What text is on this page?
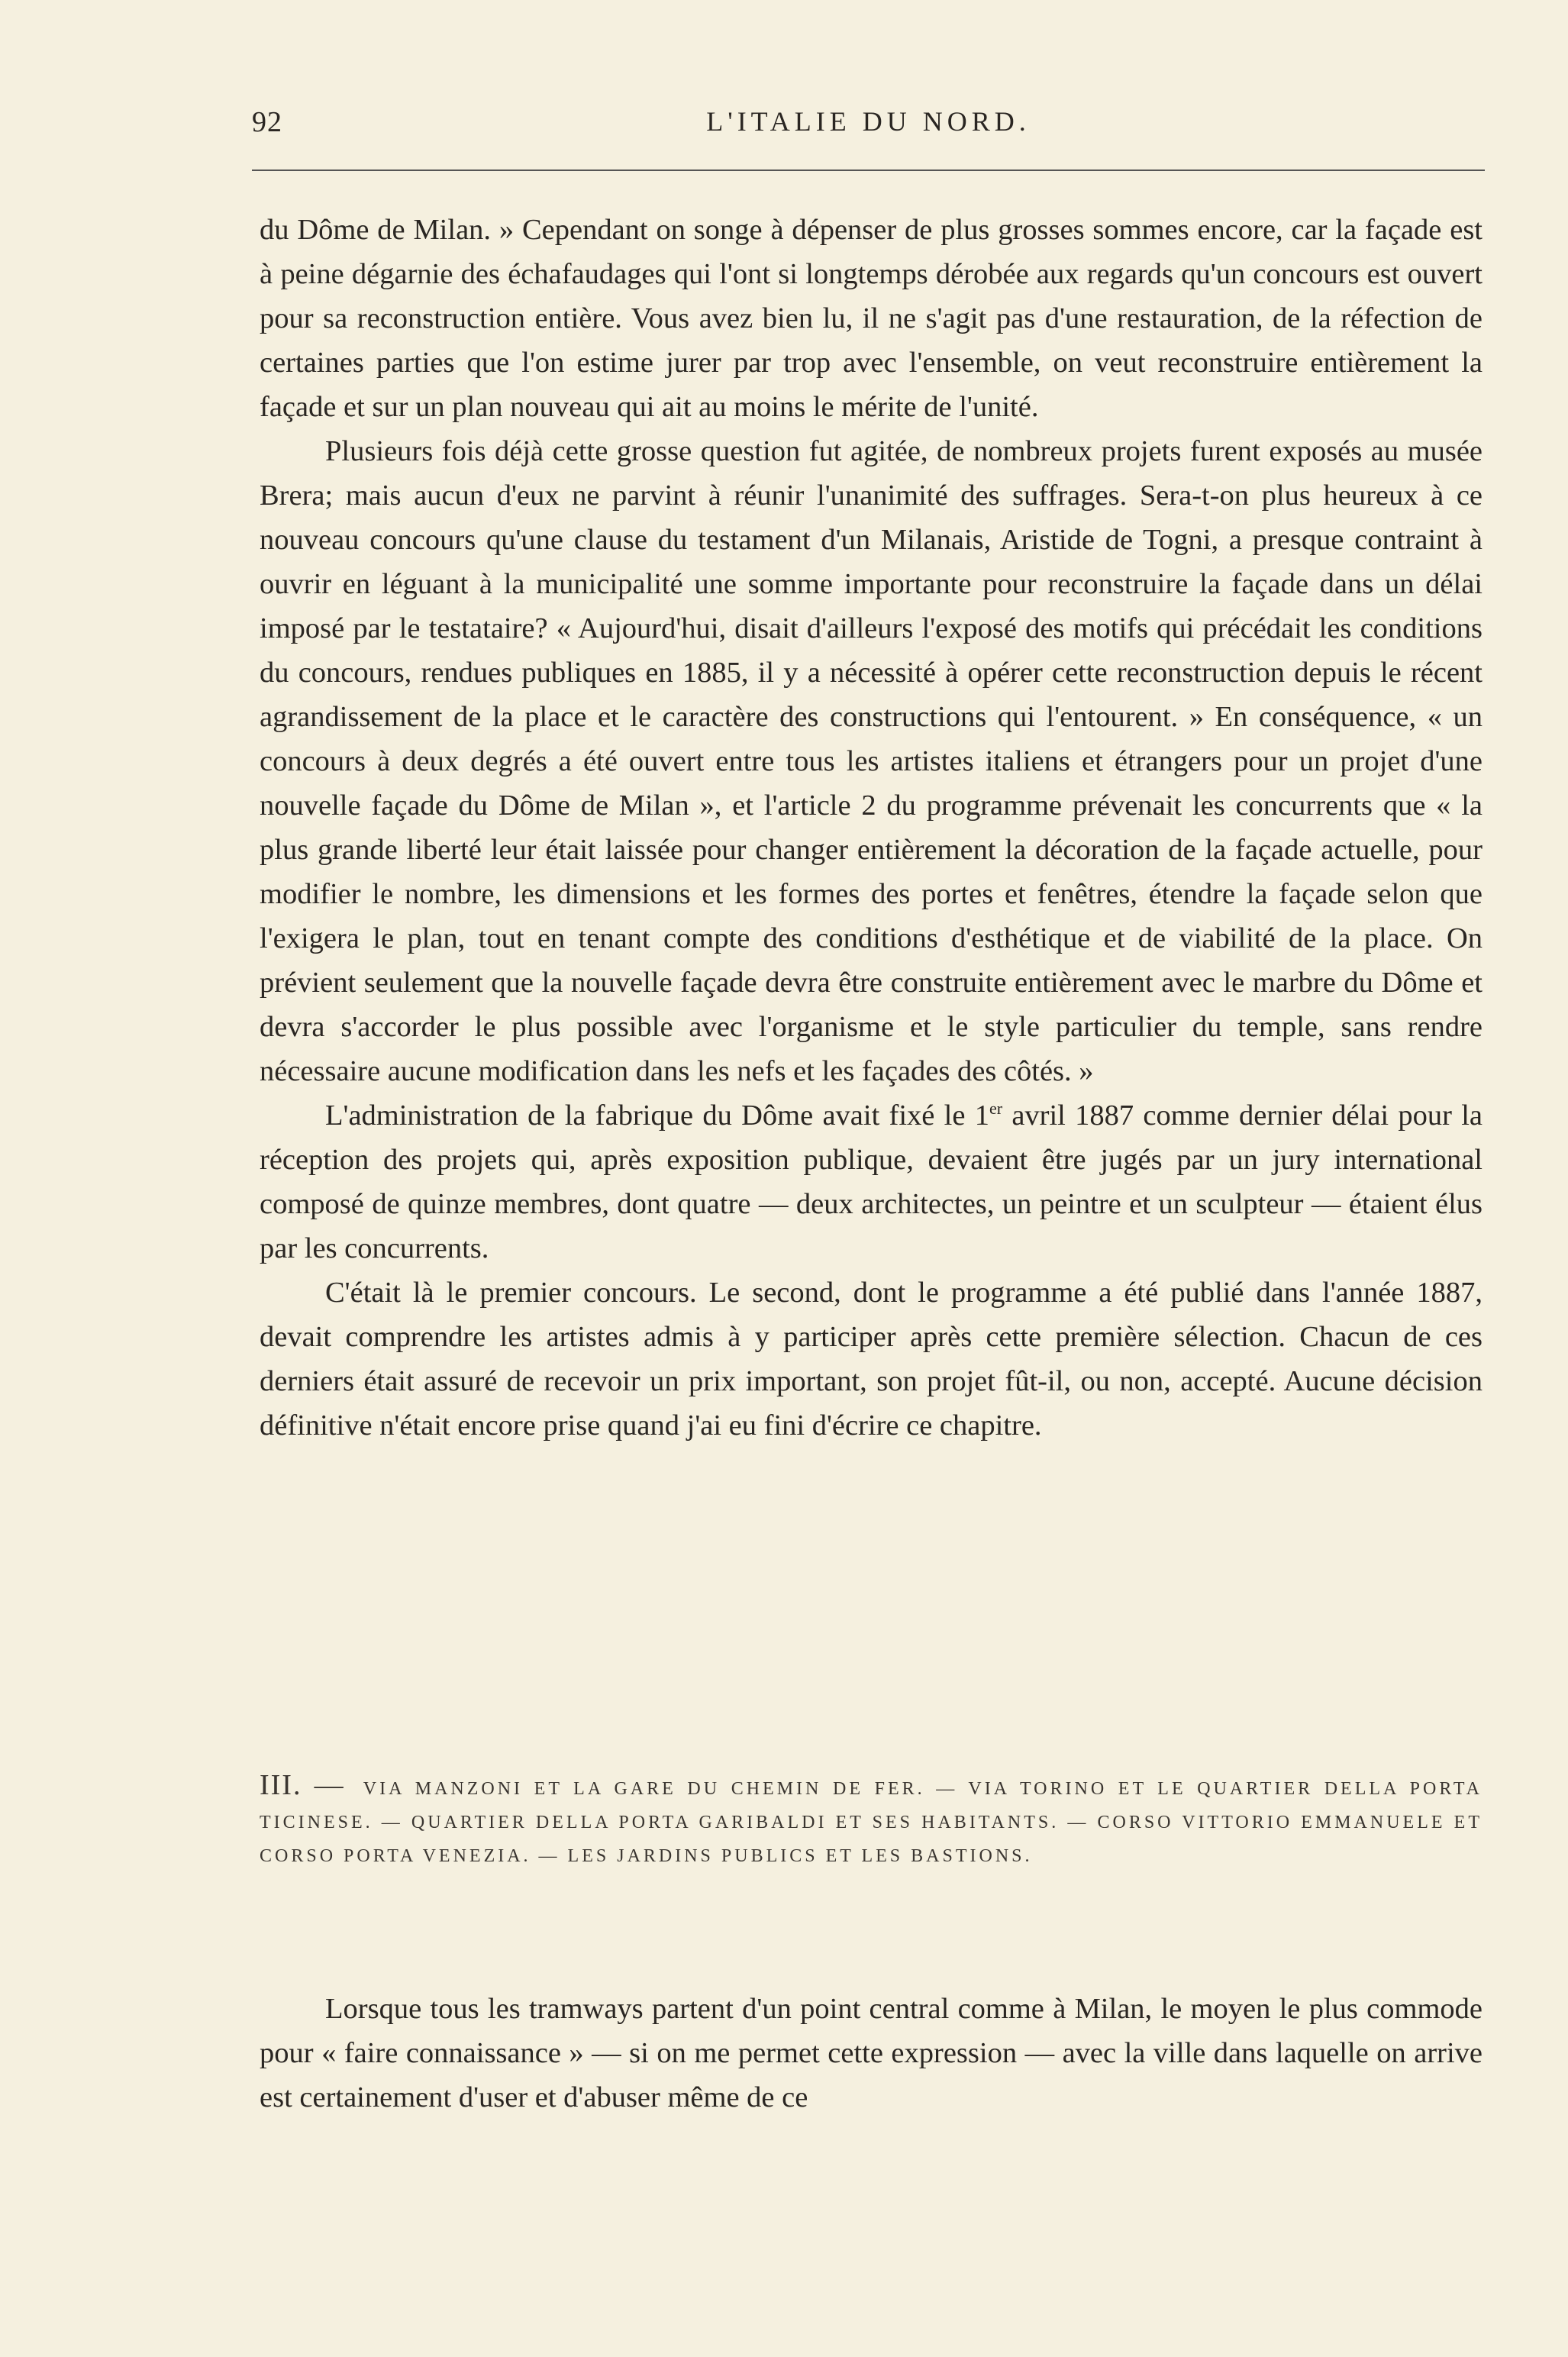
92	L'ITALIE DU NORD.

du Dôme de Milan. » Cependant on songe à dépenser de plus grosses sommes encore, car la façade est à peine dégarnie des échafaudages qui l'ont si longtemps dérobée aux regards qu'un concours est ouvert pour sa reconstruction entière. Vous avez bien lu, il ne s'agit pas d'une restauration, de la réfection de certaines parties que l'on estime jurer par trop avec l'ensemble, on veut reconstruire entièrement la façade et sur un plan nouveau qui ait au moins le mérite de l'unité.

Plusieurs fois déjà cette grosse question fut agitée, de nombreux projets furent exposés au musée Brera; mais aucun d'eux ne parvint à réunir l'unanimité des suffrages. Sera-t-on plus heureux à ce nouveau concours qu'une clause du testament d'un Milanais, Aristide de Togni, a presque contraint à ouvrir en léguant à la municipalité une somme importante pour reconstruire la façade dans un délai imposé par le testataire? « Aujourd'hui, disait d'ailleurs l'exposé des motifs qui précédait les conditions du concours, rendues publiques en 1885, il y a nécessité à opérer cette reconstruction depuis le récent agrandissement de la place et le caractère des constructions qui l'entourent. » En conséquence, « un concours à deux degrés a été ouvert entre tous les artistes italiens et étrangers pour un projet d'une nouvelle façade du Dôme de Milan », et l'article 2 du programme prévenait les concurrents que « la plus grande liberté leur était laissée pour changer entièrement la décoration de la façade actuelle, pour modifier le nombre, les dimensions et les formes des portes et fenêtres, étendre la façade selon que l'exigera le plan, tout en tenant compte des conditions d'esthétique et de viabilité de la place. On prévient seulement que la nouvelle façade devra être construite entièrement avec le marbre du Dôme et devra s'accorder le plus possible avec l'organisme et le style particulier du temple, sans rendre nécessaire aucune modification dans les nefs et les façades des côtés. »

L'administration de la fabrique du Dôme avait fixé le 1er avril 1887 comme dernier délai pour la réception des projets qui, après exposition publique, devaient être jugés par un jury international composé de quinze membres, dont quatre — deux architectes, un peintre et un sculpteur — étaient élus par les concurrents.

C'était là le premier concours. Le second, dont le programme a été publié dans l'année 1887, devait comprendre les artistes admis à y participer après cette première sélection. Chacun de ces derniers était assuré de recevoir un prix important, son projet fût-il, ou non, accepté. Aucune décision définitive n'était encore prise quand j'ai eu fini d'écrire ce chapitre.

III. — VIA MANZONI ET LA GARE DU CHEMIN DE FER. — VIA TORINO ET LE QUARTIER DELLA PORTA TICINESE. — QUARTIER DELLA PORTA GARIBALDI ET SES HABITANTS. — CORSO VITTORIO EMMANUELE ET CORSO PORTA VENEZIA. — LES JARDINS PUBLICS ET LES BASTIONS.

Lorsque tous les tramways partent d'un point central comme à Milan, le moyen le plus commode pour « faire connaissance » — si on me permet cette expression — avec la ville dans laquelle on arrive est certainement d'user et d'abuser même de ce
